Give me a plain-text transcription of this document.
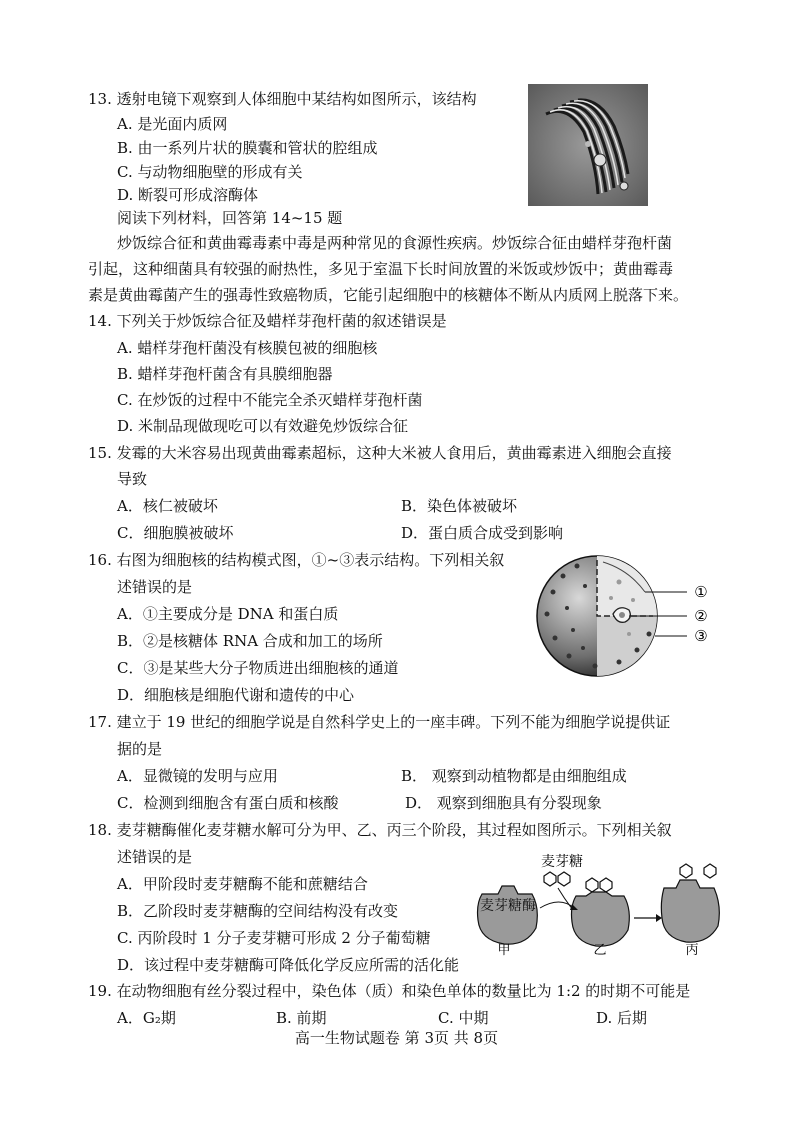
13. 透射电镜下观察到人体细胞中某结构如图所示，该结构
A. 是光面内质网
B. 由一系列片状的膜囊和管状的腔组成
C. 与动物细胞壁的形成有关
D. 断裂可形成溶酶体
阅读下列材料，回答第 14~15 题
炒饭综合征和黄曲霉毒素中毒是两种常见的食源性疾病。炒饭综合征由蜡样芽孢杆菌
引起，这种细菌具有较强的耐热性，多见于室温下长时间放置的米饭或炒饭中；黄曲霉毒
素是黄曲霉菌产生的强毒性致癌物质，它能引起细胞中的核糖体不断从内质网上脱落下来。
14. 下列关于炒饭综合征及蜡样芽孢杆菌的叙述错误是
A. 蜡样芽孢杆菌没有核膜包被的细胞核
B. 蜡样芽孢杆菌含有具膜细胞器
C. 在炒饭的过程中不能完全杀灭蜡样芽孢杆菌
D. 米制品现做现吃可以有效避免炒饭综合征
15. 发霉的大米容易出现黄曲霉素超标，这种大米被人食用后，黄曲霉素进入细胞会直接
导致
A．核仁被破坏	B．染色体被破坏
C．细胞膜被破坏	D．蛋白质合成受到影响
16. 右图为细胞核的结构模式图，①~③表示结构。下列相关叙
述错误的是
A．①主要成分是 DNA 和蛋白质
B．②是核糖体 RNA 合成和加工的场所
C．③是某些大分子物质进出细胞核的通道
D．细胞核是细胞代谢和遗传的中心
①
②
③
17. 建立于 19 世纪的细胞学说是自然科学史上的一座丰碑。下列不能为细胞学说提供证
据的是
A．显微镜的发明与应用	B． 观察到动植物都是由细胞组成
C．检测到细胞含有蛋白质和核酸	D． 观察到细胞具有分裂现象
18. 麦芽糖酶催化麦芽糖水解可分为甲、乙、丙三个阶段，其过程如图所示。下列相关叙
述错误的是
A．甲阶段时麦芽糖酶不能和蔗糖结合
B．乙阶段时麦芽糖酶的空间结构没有改变
C. 丙阶段时 1 分子麦芽糖可形成 2 分子葡萄糖
D．该过程中麦芽糖酶可降低化学反应所需的活化能
麦芽糖
麦芽糖酶
甲	乙	丙
19. 在动物细胞有丝分裂过程中，染色体（质）和染色单体的数量比为 1:2 的时期不可能是
A．G₂期	B. 前期	C. 中期	D. 后期
高一生物试题卷 第 3页 共 8页
